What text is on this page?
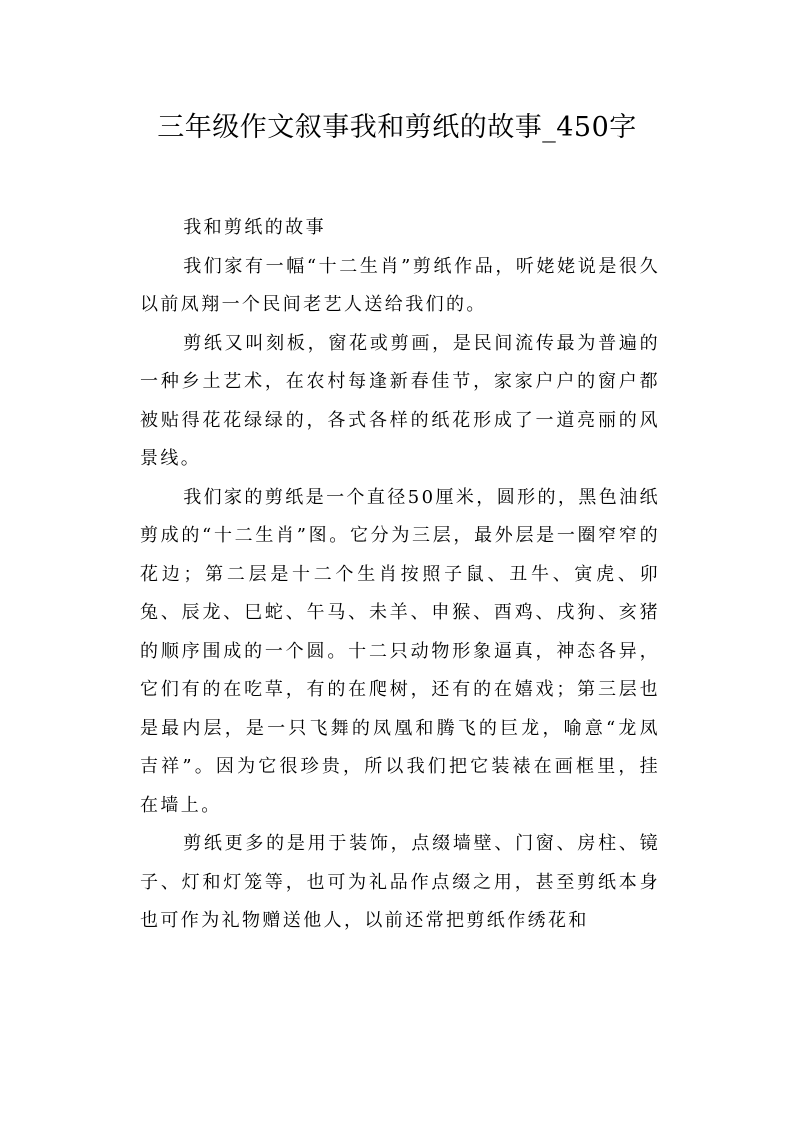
三年级作文叙事我和剪纸的故事_450字

我和剪纸的故事

我们家有一幅“十二生肖”剪纸作品，听姥姥说是很久以前凤翔一个民间老艺人送给我们的。

剪纸又叫刻板，窗花或剪画，是民间流传最为普遍的一种乡土艺术，在农村每逢新春佳节，家家户户的窗户都被贴得花花绿绿的，各式各样的纸花形成了一道亮丽的风景线。

我们家的剪纸是一个直径50厘米，圆形的，黑色油纸剪成的“十二生肖”图。它分为三层，最外层是一圈窄窄的花边；第二层是十二个生肖按照子鼠、丑牛、寅虎、卯兔、辰龙、巳蛇、午马、未羊、申猴、酉鸡、戌狗、亥猪的顺序围成的一个圆。十二只动物形象逼真，神态各异，它们有的在吃草，有的在爬树，还有的在嬉戏；第三层也是最内层，是一只飞舞的凤凰和腾飞的巨龙，喻意“龙凤吉祥”。因为它很珍贵，所以我们把它装裱在画框里，挂在墙上。

剪纸更多的是用于装饰，点缀墙壁、门窗、房柱、镜子、灯和灯笼等，也可为礼品作点缀之用，甚至剪纸本身也可作为礼物赠送他人，以前还常把剪纸作绣花和
